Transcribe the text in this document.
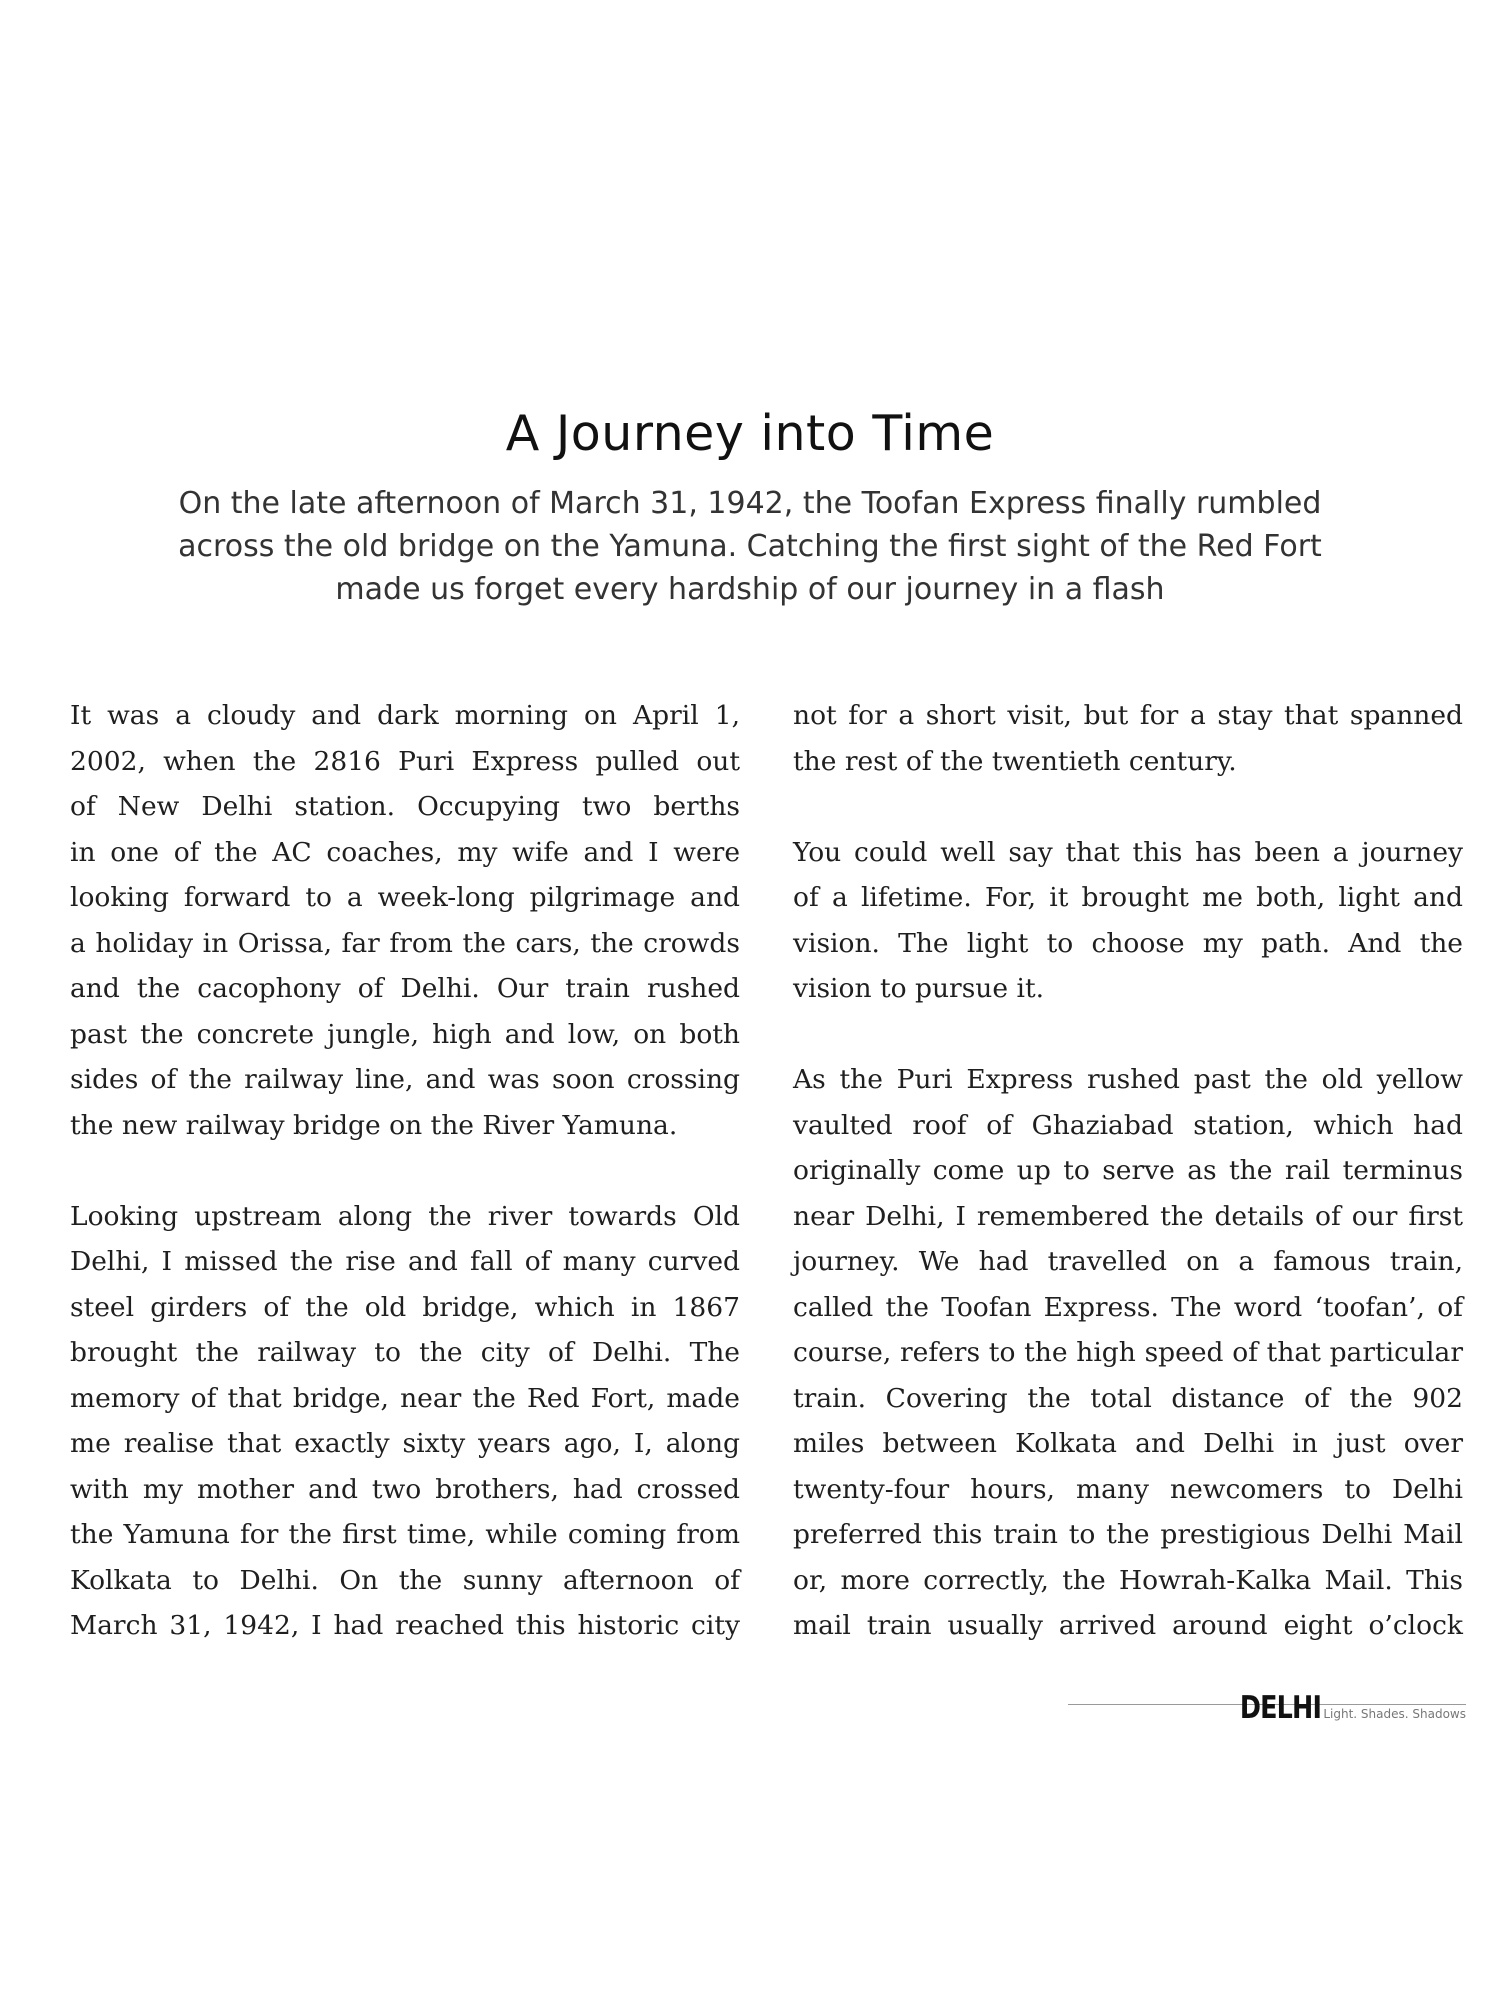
A Journey into Time
On the late afternoon of March 31, 1942, the Toofan Express finally rumbled
across the old bridge on the Yamuna. Catching the first sight of the Red Fort
made us forget every hardship of our journey in a flash
It was a cloudy and dark morning on April 1,
2002, when the 2816 Puri Express pulled out
of New Delhi station. Occupying two berths
in one of the AC coaches, my wife and I were
looking forward to a week-long pilgrimage and
a holiday in Orissa, far from the cars, the crowds
and the cacophony of Delhi. Our train rushed
past the concrete jungle, high and low, on both
sides of the railway line, and was soon crossing
the new railway bridge on the River Yamuna.
Looking upstream along the river towards Old
Delhi, I missed the rise and fall of many curved
steel girders of the old bridge, which in 1867
brought the railway to the city of Delhi. The
memory of that bridge, near the Red Fort, made
me realise that exactly sixty years ago, I, along
with my mother and two brothers, had crossed
the Yamuna for the first time, while coming from
Kolkata to Delhi. On the sunny afternoon of
March 31, 1942, I had reached this historic city
not for a short visit, but for a stay that spanned
the rest of the twentieth century.
You could well say that this has been a journey
of a lifetime. For, it brought me both, light and
vision. The light to choose my path. And the
vision to pursue it.
As the Puri Express rushed past the old yellow
vaulted roof of Ghaziabad station, which had
originally come up to serve as the rail terminus
near Delhi, I remembered the details of our first
journey. We had travelled on a famous train,
called the Toofan Express. The word ‘toofan’, of
course, refers to the high speed of that particular
train. Covering the total distance of the 902
miles between Kolkata and Delhi in just over
twenty-four hours, many newcomers to Delhi
preferred this train to the prestigious Delhi Mail
or, more correctly, the Howrah-Kalka Mail. This
mail train usually arrived around eight o’clock
DELHI Light. Shades. Shadows
